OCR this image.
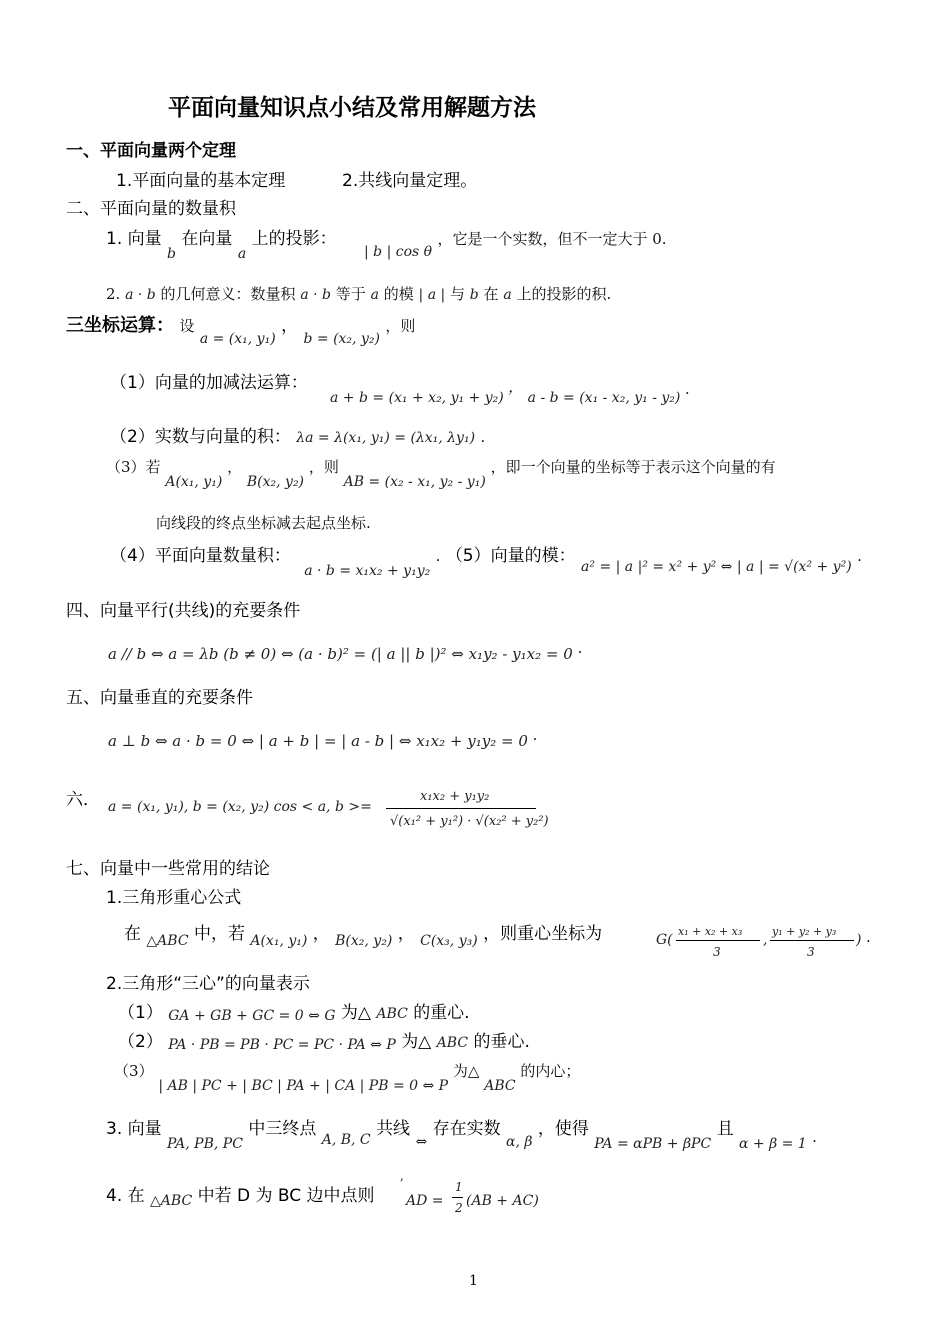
平面向量知识点小结及常用解题方法
一、平面向量两个定理
1.平面向量的基本定理	2.共线向量定理。
二、平面向量的数量积
1. 向量 $_b$ 在向量 $_a$ 上的投影： $_{| b | cos \theta}$ ，它是一个实数，但不一定大于 0.
2. a · b 的几何意义：数量积 a · b 等于 a 的模 | a | 与 b 在 a 上的投影的积.
三坐标运算： 设 $_{a = (x_1, y_1)}$ ， $_{b = (x_2, y_2)}$ ，则
（1）向量的加减法运算：
a + b = (x₁ + x₂, y₁ + y₂) ， a - b = (x₁ - x₂, y₁ - y₂) .
（2）实数与向量的积： λa = λ(x₁, y₁) = (λx₁, λy₁) .
（3）若 A(x₁, y₁) ， B(x₂, y₂) ，则 AB = (x₂ - x₁, y₂ - y₁) ，即一个向量的坐标等于表示这个向量的有
向线段的终点坐标减去起点坐标.
（4）平面向量数量积： $_{a \cdot b = x_1x_2 + y_1y_2}$ . （5）向量的模： $_{a^2 = | a |^2 = x^2 + y^2 \Leftrightarrow | a | = √(x^2 + y^2)}$ .
四、向量平行(共线)的充要条件
a // b ⇔ a = λb (b ≠ 0) ⇔ (a · b)² = (| a || b |)² ⇔ x₁y₂ - y₁x₂ = 0 .
五、向量垂直的充要条件
a ⊥ b ⇔ a · b = 0 ⇔ | a + b | = | a - b | ⇔ x₁x₂ + y₁y₂ = 0 .
六． a = (x₁, y₁), b = (x₂, y₂) cos < a, b >=
x₁x₂ + y₁y₂
√(x₁² + y₁²) · √(x₂² + y₂²)
七、向量中一些常用的结论
1.三角形重心公式
在 $_{\triangle ABC}$ 中，若 $_{A(x_1, y_1)}$ ， $_{B(x_2, y_2)}$ ， $_{C(x_3, y_3)}$ ，则重心坐标为	G(
x₁ + x₂ + x₃
3
,
y₁ + y₂ + y₃
3
) .
2.三角形“三心”的向量表示
（1） GA + GB + GC = 0 ⇔ G 为△ ABC 的重心.
（2） PA · PB = PB · PC = PC · PA ⇔ P 为△ ABC 的垂心.
（3） | AB | PC + | BC | PA + | CA | PB = 0 ⇔ P 为△ ABC 的内心；
3. 向量 $_{PA, PB, PC}$ 中三终点 $_{A, B, C}$ 共线 $_\Leftrightarrow$ 存在实数 $_{\alpha, \beta}$ ，使得 $_{PA = \alpha PB + \beta PC}$ 且 $_{\alpha + \beta = 1}$ .
4. 在 $_{\triangle ABC}$ 中若 D 为 BC 边中点则
,
AD =
1
2 (AB + AC)
1
